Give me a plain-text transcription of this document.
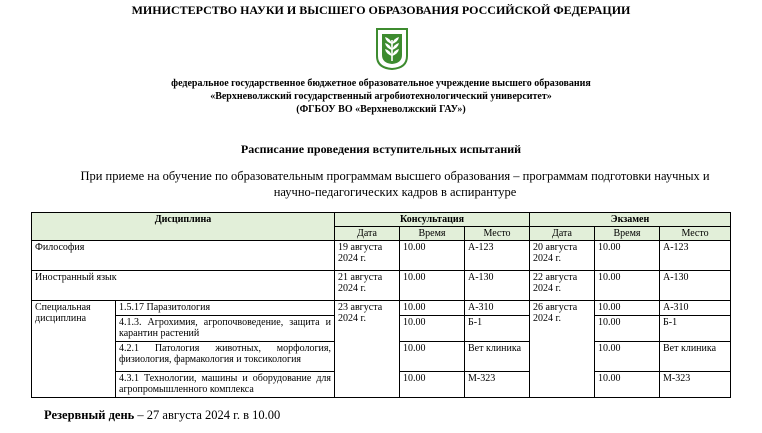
МИНИСТЕРСТВО НАУКИ И ВЫСШЕГО ОБРАЗОВАНИЯ РОССИЙСКОЙ ФЕДЕРАЦИИ
федеральное государственное бюджетное образовательное учреждение высшего образования
«Верхневолжский государственный агробиотехнологический университет»
(ФГБОУ ВО «Верхневолжский ГАУ»)
Расписание проведения вступительных испытаний
При приеме на обучение по образовательным программам высшего образования – программам подготовки научных и научно-педагогических кадров в аспирантуре
Дисциплина		Консультация			Экзамен		
		Дата	Время	Место	Дата	Время	Место
Философия		19 августа 2024 г.	10.00	А-123	20 августа 2024 г.	10.00	А-123
Иностранный язык		21 августа 2024 г.	10.00	А-130	22 августа 2024 г.	10.00	А-130
Специальная дисциплина	1.5.17 Паразитология	23 августа 2024 г.	10.00	А-310	26 августа 2024 г.	10.00	А-310
	4.1.3. Агрохимия, агропочвоведение, защита и карантин растений		10.00	Б-1		10.00	Б-1
	4.2.1 Патология животных, морфология, физиология, фармакология и токсикология		10.00	Вет клиника		10.00	Вет клиника
	4.3.1 Технологии, машины и оборудование для агропромышленного комплекса		10.00	М-323		10.00	М-323
Резервный день – 27 августа 2024 г. в 10.00
